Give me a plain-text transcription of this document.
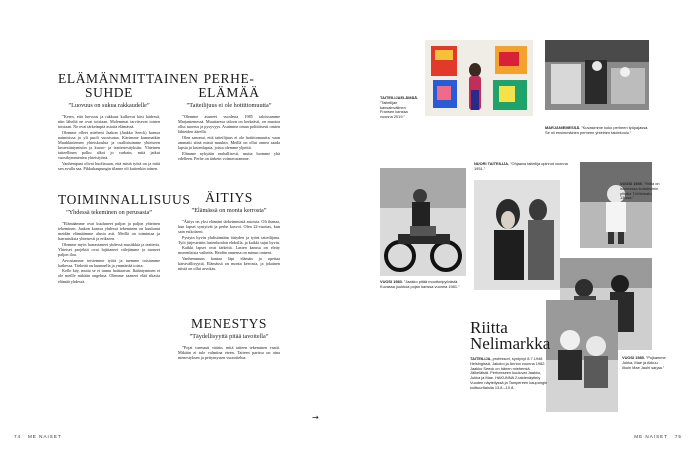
ELÄMÄNMITTAINEN SUHDE
”Luovuus on sukua rakkaudelle”

”Kerrn, että luovuus ja rakkaus kulkevat käsi kädessä, niin läheltä ne ovat toisiaan. Molemmat tarvitsevat toinen toisiaan. Ne ovat tärkeimpiä asioita elämässä.

Olemme olleet mieheni Jaakon (Jaakko Seeck) kanssa naimisissa jo yli puoli vuosisataa. Kävimme kummatkin Muukkiniemen yhteiskoulua ja osallistuimme yhteiseen lavaesiintymisiin ja kuoro- ja teatteriesityksiin. Yhteinen taiteellinen polku alkoi jo varhain, mitä jatkui vuosikymmenien yhteistyönä.

Vanhempani olivat huolissaan, että mistä työtä on ja mitä sen avulla saa. Pikkukaupungin tilanne oli kuitenkin toinen.

TOIMINNALLISUUS
”Yhdessä tekeminen on perusasia”

”Elämäämme ovat kuuluneet paljon ja paljon yhteinen tekeminen. Jaakon kanssa yhdessä tekeminen on kuulunut meidän elämäämme alusta asti. Meillä on toimintaa ja harrastuksia yhteisesti ja erikseen.

Olemme myös harrastaneet yhdessä musiikkia ja teatteria. Yhteiset projektit ovat lujittaneet välejämme ja tuoneet paljon iloa.

Arvostamme toistemme työtä ja tuemme toisiamme kaikessa. Tärkeää on kuunnella ja ymmärtää toista.

Kello käy, mutta se ei tunnu haittaavan. Ikääntyminen ei ole meille mikään ongelma. Olemme saaneet elää rikasta elämää yhdessä.

PERHE-ELÄMÄÄ
”Taiteilijuus ei ole hottittomuutta”

”Olemme asuneet vuodesta 1985 taloissamme Marjaniemessä. Muuttaessa taloon on kerkeästi, on muotoa ollut tuoreus ja pysyvyys. Asuimme oman poliittisesti omien lähteiden äärellä.

Olen sanonut, että taiteilijuus ei ole hottittomuutta, vaan ammatti siinä missä muukin. Meillä on ollut onnea saada lapsia ja lastenlapsia, joista olemme ylpeitä.

Elämme nykyään rauhallisesti, mutta luomme yhä edelleen. Perhe on tärkein voimavaramme.

ÄITIYS
”Elämässä on monta kerrosta”

”Äitiys on yksi elämäni tärkeimmistä asioista. Oli ihanaa, kun lapset syntyivät ja perhe kasvoi. Olen 22-vuotias, kun sain esikoiseni.

Pystyin hyvin yhdistämään äitiyden ja työni taiteilijana. Työt järjestettiin lastenhoidon ehdoilla, ja kaikki sujui hyvin.

Kaikki lapset ovat tärkeitä. Lasten kanssa on eletty monenlaisia vaiheita. Heidän onnensa on minun onneni.

Vanhemmuus kantaa läpi elämän ja opettaa kärsivällisyyttä. Elämässä on monta kerrosta, ja jokainen niistä on ollut arvokas.

MENESTYS
”Täydellisyyttä pitää tavoitella”

”Pojat varmasti väärin, mitä taiteen tekeminen vaatii. Mikään ei tule valmiina eteen. Taiteen parissa on aina menestyksen ja pettymysten vuorottelua.

→
TAITEILIJAELÄMÄÄ. ”Taiteilijan kansainvälinen Fransen kanssa vuonna 2019.”
MARJANIEMESSÄ. ”Kuvasimme koko perheen työpajassa. Se oli ensimmäinen perheen yhteinen taidekoulu.”
NUORI TAITEILIJA. ”Ohjaava taiteilija opinnot vuonna 1951.”
VUOSI 1949. ”Riitta on istumassa kotialbumin pihalla Töölönkatu 13:ssa.”
VUOSI 1983. ”Jaakko pitää moottoripyörästä. Kuvassa joukkoa pojan kanssa vuonna 1981.”
VUOSI 1985. ”Pojkamme Jukka, Mae ja Akkuu Ilkuin Mae Jauhi sarjaa.”
Riitta
Nelimarkka
TAITEILIJA, professori, syntynyt 8.7.1948 Helsingissä, Jakobo ja Annoo vuonna 1982. Jaakko Seeck on hänen miehensä. Jälkeläisiä. Perheeseen kuuluvat Jaakko, Jukka ja Mae. HAKUNNA 2-taidenäyttely Vuoden näytellyssä ja Tampereen kaupungin kulttuuritalolla 13.8.–10.8.
74 ME NAISET	ME NAISET 75
